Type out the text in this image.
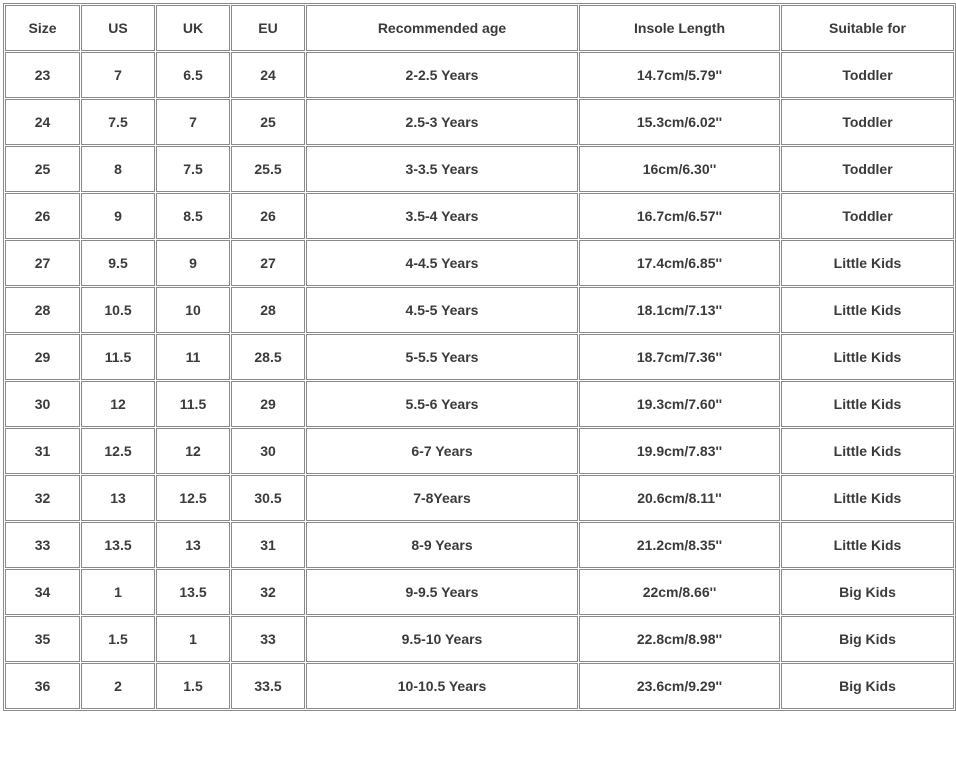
Size	US	UK	EU	Recommended age	Insole Length	Suitable for
23	7	6.5	24	2-2.5 Years	14.7cm/5.79''	Toddler
24	7.5	7	25	2.5-3 Years	15.3cm/6.02''	Toddler
25	8	7.5	25.5	3-3.5 Years	16cm/6.30''	Toddler
26	9	8.5	26	3.5-4 Years	16.7cm/6.57''	Toddler
27	9.5	9	27	4-4.5 Years	17.4cm/6.85''	Little Kids
28	10.5	10	28	4.5-5 Years	18.1cm/7.13''	Little Kids
29	11.5	11	28.5	5-5.5 Years	18.7cm/7.36''	Little Kids
30	12	11.5	29	5.5-6 Years	19.3cm/7.60''	Little Kids
31	12.5	12	30	6-7 Years	19.9cm/7.83''	Little Kids
32	13	12.5	30.5	7-8Years	20.6cm/8.11''	Little Kids
33	13.5	13	31	8-9 Years	21.2cm/8.35''	Little Kids
34	1	13.5	32	9-9.5 Years	22cm/8.66''	Big Kids
35	1.5	1	33	9.5-10 Years	22.8cm/8.98''	Big Kids
36	2	1.5	33.5	10-10.5 Years	23.6cm/9.29''	Big Kids
